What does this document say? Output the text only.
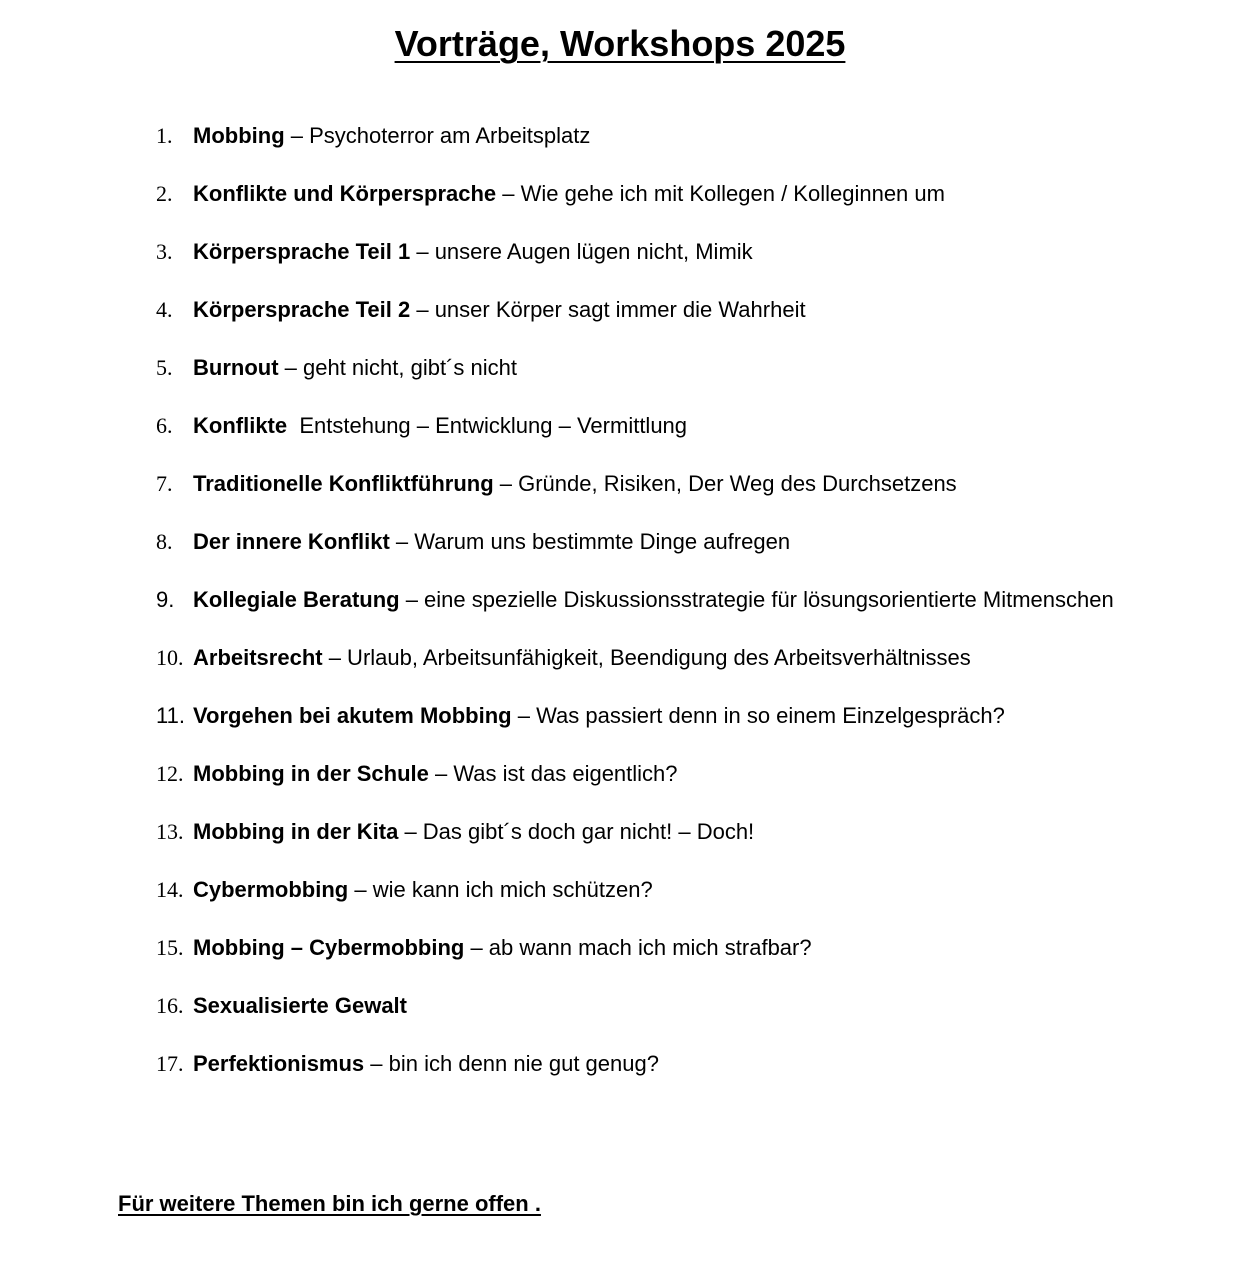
Vorträge, Workshops 2025
1. Mobbing – Psychoterror am Arbeitsplatz
2. Konflikte und Körpersprache – Wie gehe ich mit Kollegen / Kolleginnen um
3. Körpersprache Teil 1 – unsere Augen lügen nicht, Mimik
4. Körpersprache Teil 2 – unser Körper sagt immer die Wahrheit
5. Burnout – geht nicht, gibt´s nicht
6. Konflikte  Entstehung – Entwicklung – Vermittlung
7. Traditionelle Konfliktführung – Gründe, Risiken, Der Weg des Durchsetzens
8. Der innere Konflikt – Warum uns bestimmte Dinge aufregen
9. Kollegiale Beratung – eine spezielle Diskussionsstrategie für lösungsorientierte Mitmenschen
10. Arbeitsrecht – Urlaub, Arbeitsunfähigkeit, Beendigung des Arbeitsverhältnisses
11. Vorgehen bei akutem Mobbing – Was passiert denn in so einem Einzelgespräch?
12. Mobbing in der Schule – Was ist das eigentlich?
13. Mobbing in der Kita – Das gibt´s doch gar nicht! – Doch!
14. Cybermobbing – wie kann ich mich schützen?
15. Mobbing – Cybermobbing – ab wann mach ich mich strafbar?
16. Sexualisierte Gewalt
17. Perfektionismus – bin ich denn nie gut genug?
Für weitere Themen bin ich gerne offen .
